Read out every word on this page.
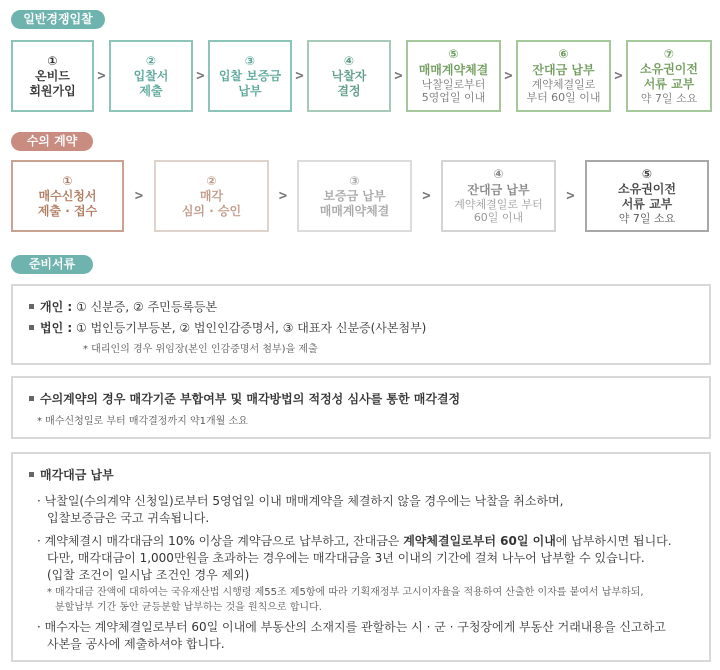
일반경쟁입찰
①
온비드
회원가입
>
②
입찰서
제출
>
③
입찰 보증금
납부
>
④
낙찰자
결정
>
⑤
매매계약체결
낙찰일로부터
5영업일 이내
>
⑥
잔대금 납부
계약체결일로
부터 60일 이내
>
⑦
소유권이전
서류 교부
약 7일 소요
수의 계약
①
매수신청서
제출 · 접수
>
②
매각
심의 · 승인
>
③
보증금 납부
매매계약체결
>
④
잔대금 납부
계약체결일로 부터
60일 이내
>
⑤
소유권이전
서류 교부
약 7일 소요
준비서류
개인 : ① 신분증, ② 주민등록등본
법인 : ① 법인등기부등본, ② 법인인감증명서, ③ 대표자 신분증(사본첨부)
* 대리인의 경우 위임장(본인 인감증명서 첨부)을 제출
수의계약의 경우 매각기준 부합여부 및 매각방법의 적정성 심사를 통한 매각결정
* 매수신청일로 부터 매각결정까지 약1개월 소요
매각대금 납부
· 낙찰일(수의계약 신청일)로부터 5영업일 이내 매매계약을 체결하지 않을 경우에는 낙찰을 취소하며,
입찰보증금은 국고 귀속됩니다.
· 계약체결시 매각대금의 10% 이상을 계약금으로 납부하고, 잔대금은 계약체결일로부터 60일 이내에 납부하시면 됩니다.
다만, 매각대금이 1,000만원을 초과하는 경우에는 매각대금을 3년 이내의 기간에 걸쳐 나누어 납부할 수 있습니다.
(입찰 조건이 일시납 조건인 경우 제외)
* 매각대금 잔액에 대하여는 국유재산법 시행령 제55조 제5항에 따라 기획재정부 고시이자율을 적용하여 산출한 이자를 붙여서 납부하되,
분할납부 기간 동안 균등분할 납부하는 것을 원칙으로 합니다.
· 매수자는 계약체결일로부터 60일 이내에 부동산의 소재지를 관할하는 시 · 군 · 구청장에게 부동산 거래내용을 신고하고
사본을 공사에 제출하셔야 합니다.
